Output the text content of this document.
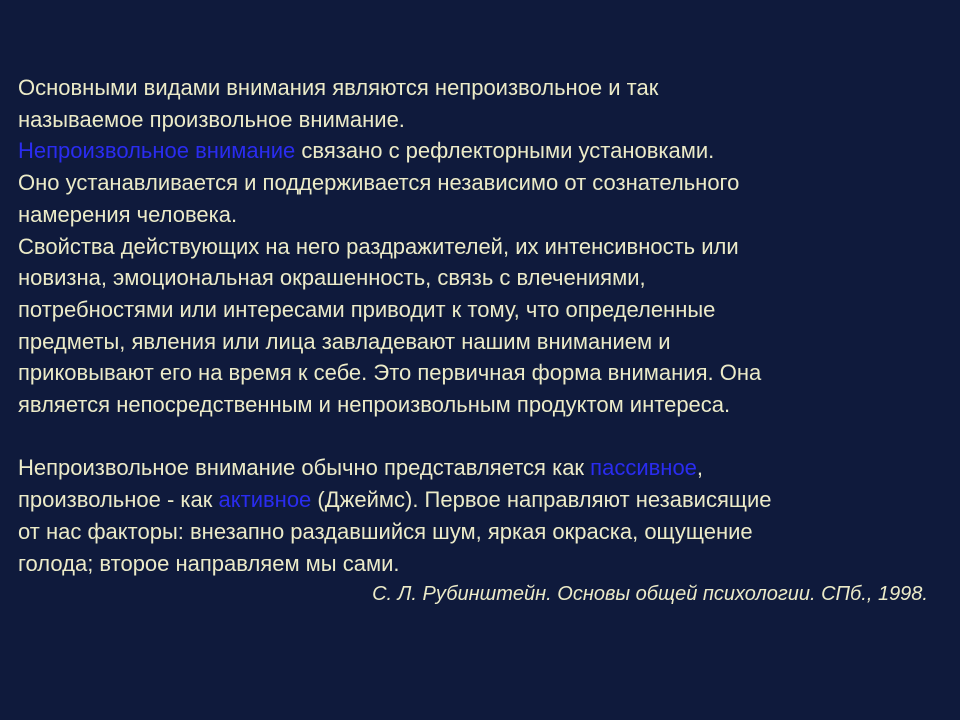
Основными видами внимания являются непроизвольное и так

называемое произвольное внимание.

Непроизвольное внимание связано с рефлекторными установками.

Оно устанавливается и поддерживается независимо от сознательного

намерения человека.

Свойства действующих на него раздражителей, их интенсивность или

новизна, эмоциональная окрашенность, связь с влечениями,

потребностями или интересами приводит к тому, что определенные

предметы, явления или лица завладевают нашим вниманием и

приковывают его на время к себе. Это первичная форма внимания. Она

является непосредственным и непроизвольным продуктом интереса.

Непроизвольное внимание обычно представляется как пассивное,

произвольное - как активное (Джеймс). Первое направляют независящие

от нас факторы: внезапно раздавшийся шум, яркая окраска, ощущение

голода; второе направляем мы сами.

С. Л. Рубинштейн. Основы общей психологии. СПб., 1998.
